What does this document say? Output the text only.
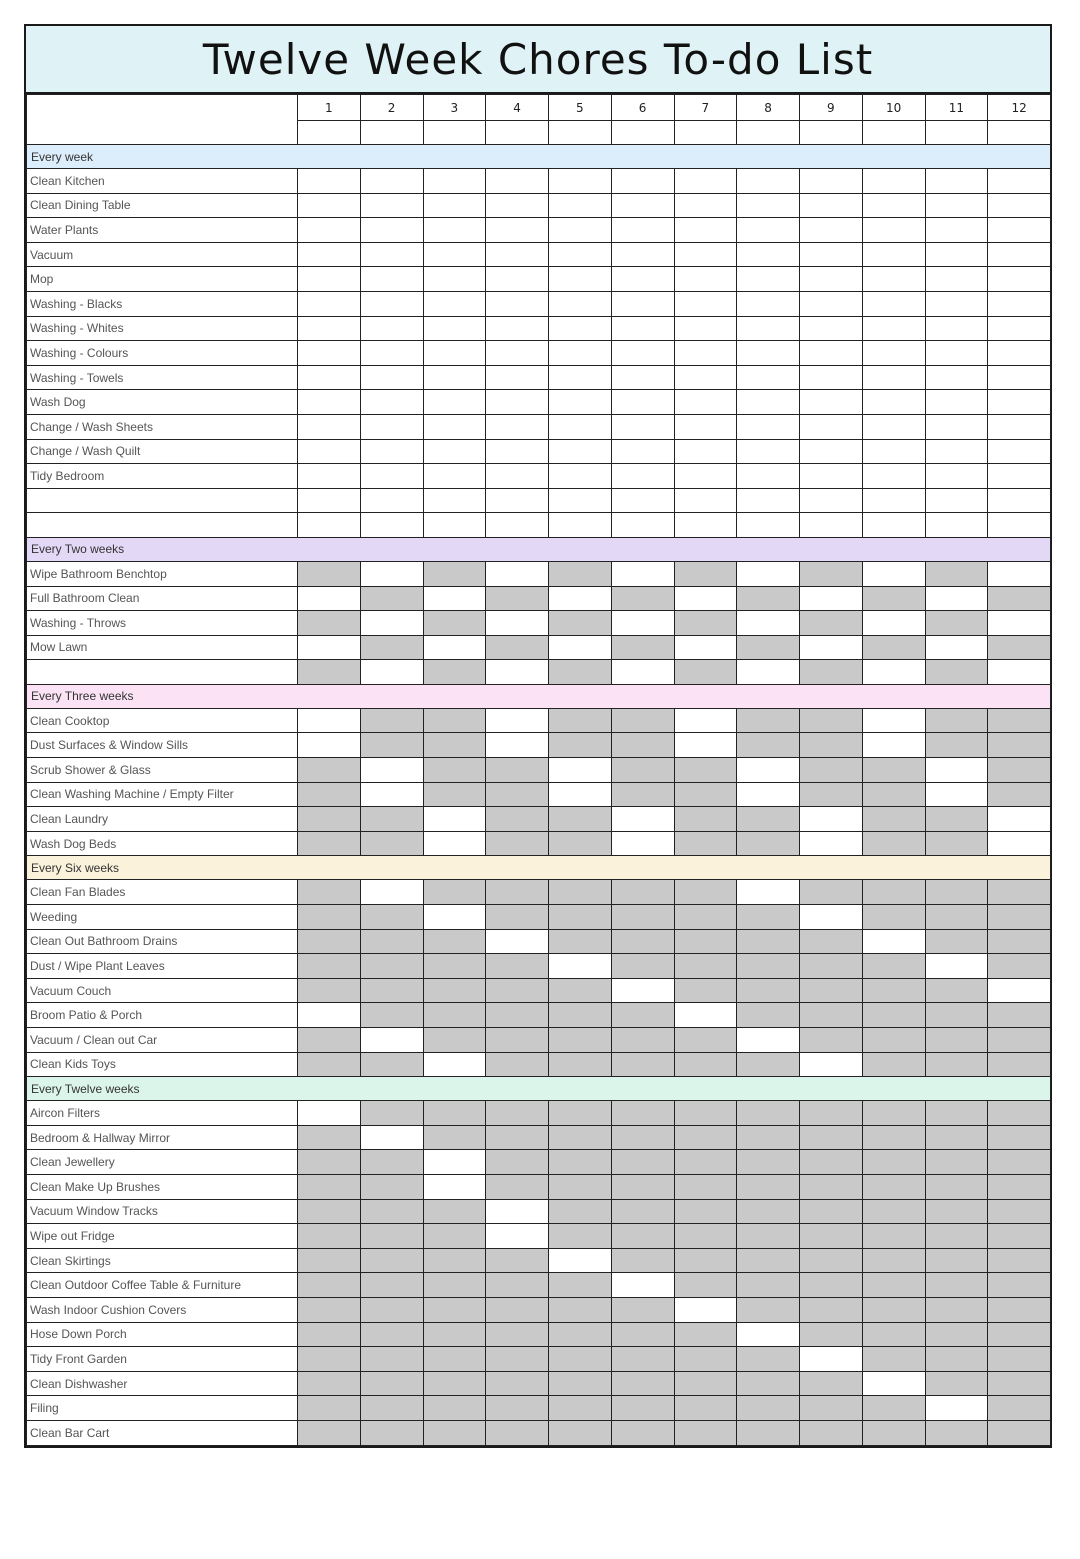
Twelve Week Chores To-do List
	1	2	3	4	5	6	7	8	9	10	11	12

Every week												
Clean Kitchen												
Clean Dining Table												
Water Plants												
Vacuum												
Mop												
Washing - Blacks												
Washing - Whites												
Washing - Colours												
Washing - Towels												
Wash Dog												
Change / Wash Sheets												
Change / Wash Quilt												
Tidy Bedroom												

Every Two weeks												
Wipe Bathroom Benchtop												
Full Bathroom Clean												
Washing - Throws												
Mow Lawn												

Every Three weeks												
Clean Cooktop												
Dust Surfaces & Window Sills												
Scrub Shower & Glass												
Clean Washing Machine / Empty Filter												
Clean Laundry												
Wash Dog Beds												
Every Six weeks												
Clean Fan Blades												
Weeding												
Clean Out Bathroom Drains												
Dust / Wipe Plant Leaves												
Vacuum Couch												
Broom Patio & Porch												
Vacuum / Clean out Car												
Clean Kids Toys												
Every Twelve weeks												
Aircon Filters												
Bedroom & Hallway Mirror												
Clean Jewellery												
Clean Make Up Brushes												
Vacuum Window Tracks												
Wipe out Fridge												
Clean Skirtings												
Clean Outdoor Coffee Table & Furniture												
Wash Indoor Cushion Covers												
Hose Down Porch												
Tidy Front Garden												
Clean Dishwasher												
Filing												
Clean Bar Cart												
